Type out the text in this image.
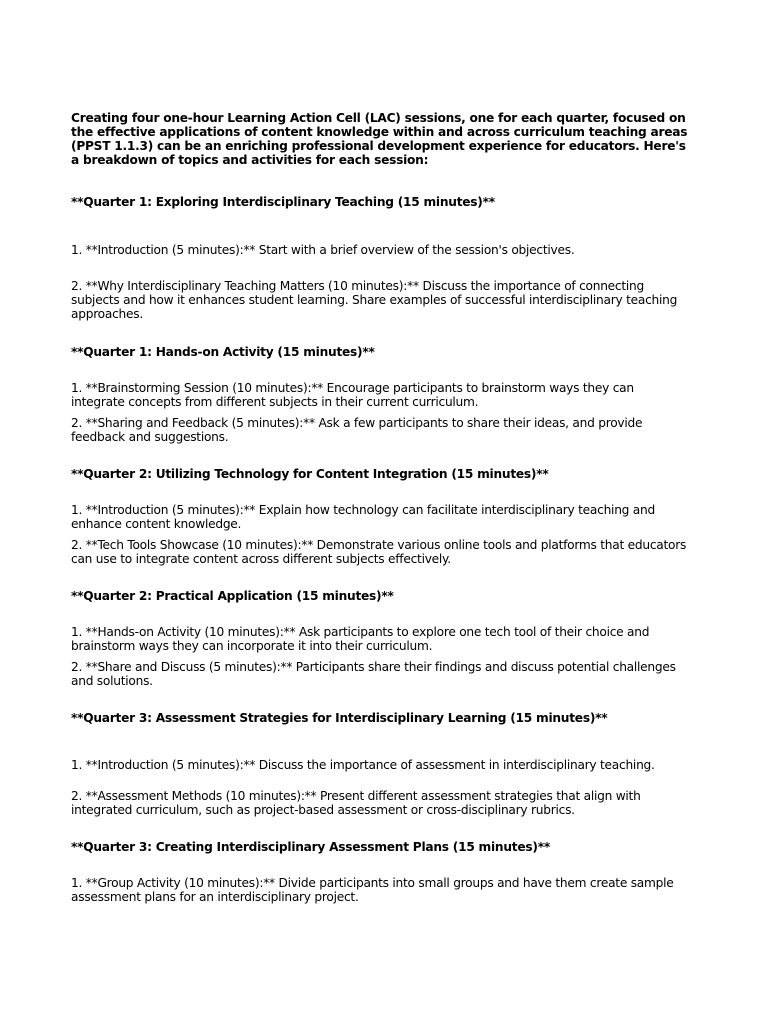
Creating four one-hour Learning Action Cell (LAC) sessions, one for each quarter, focused on the effective applications of content knowledge within and across curriculum teaching areas (PPST 1.1.3) can be an enriching professional development experience for educators. Here's a breakdown of topics and activities for each session:

**Quarter 1: Exploring Interdisciplinary Teaching (15 minutes)**

1. **Introduction (5 minutes):** Start with a brief overview of the session's objectives.

2. **Why Interdisciplinary Teaching Matters (10 minutes):** Discuss the importance of connecting subjects and how it enhances student learning. Share examples of successful interdisciplinary teaching approaches.

**Quarter 1: Hands-on Activity (15 minutes)**

1. **Brainstorming Session (10 minutes):** Encourage participants to brainstorm ways they can integrate concepts from different subjects in their current curriculum.

2. **Sharing and Feedback (5 minutes):** Ask a few participants to share their ideas, and provide feedback and suggestions.

**Quarter 2: Utilizing Technology for Content Integration (15 minutes)**

1. **Introduction (5 minutes):** Explain how technology can facilitate interdisciplinary teaching and enhance content knowledge.

2. **Tech Tools Showcase (10 minutes):** Demonstrate various online tools and platforms that educators can use to integrate content across different subjects effectively.

**Quarter 2: Practical Application (15 minutes)**

1. **Hands-on Activity (10 minutes):** Ask participants to explore one tech tool of their choice and brainstorm ways they can incorporate it into their curriculum.

2. **Share and Discuss (5 minutes):** Participants share their findings and discuss potential challenges and solutions.

**Quarter 3: Assessment Strategies for Interdisciplinary Learning (15 minutes)**

1. **Introduction (5 minutes):** Discuss the importance of assessment in interdisciplinary teaching.

2. **Assessment Methods (10 minutes):** Present different assessment strategies that align with integrated curriculum, such as project-based assessment or cross-disciplinary rubrics.

**Quarter 3: Creating Interdisciplinary Assessment Plans (15 minutes)**

1. **Group Activity (10 minutes):** Divide participants into small groups and have them create sample assessment plans for an interdisciplinary project.
